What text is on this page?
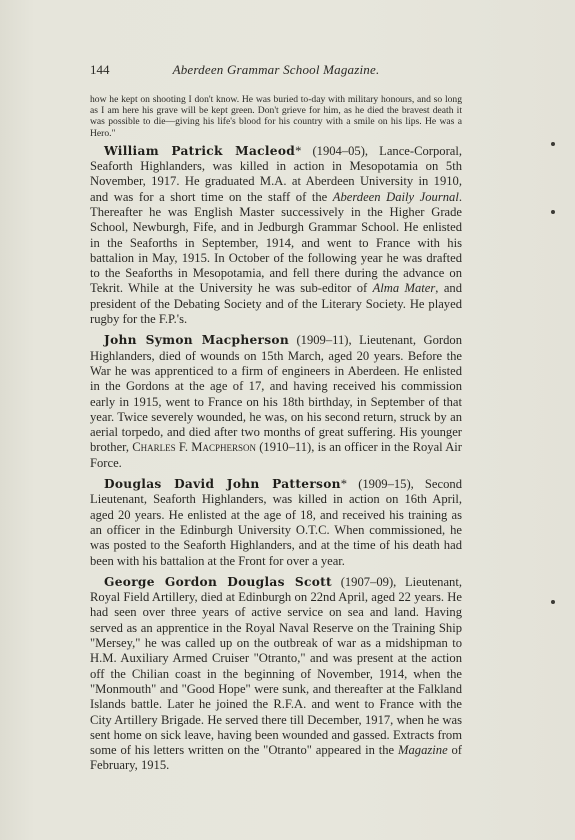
144	Aberdeen Grammar School Magazine.

how he kept on shooting I don't know. He was buried to-day with military honours, and so long as I am here his grave will be kept green. Don't grieve for him, as he died the bravest death it was possible to die—giving his life's blood for his country with a smile on his lips. He was a Hero."

William Patrick Macleod* (1904–05), Lance-Corporal, Seaforth Highlanders, was killed in action in Mesopotamia on 5th November, 1917. He graduated M.A. at Aberdeen University in 1910, and was for a short time on the staff of the Aberdeen Daily Journal. Thereafter he was English Master successively in the Higher Grade School, Newburgh, Fife, and in Jedburgh Grammar School. He enlisted in the Seaforths in September, 1914, and went to France with his battalion in May, 1915. In October of the following year he was drafted to the Seaforths in Mesopotamia, and fell there during the advance on Tekrit. While at the University he was sub-editor of Alma Mater, and president of the Debating Society and of the Literary Society. He played rugby for the F.P.'s.

John Symon Macpherson (1909–11), Lieutenant, Gordon Highlanders, died of wounds on 15th March, aged 20 years. Before the War he was apprenticed to a firm of engineers in Aberdeen. He enlisted in the Gordons at the age of 17, and having received his commission early in 1915, went to France on his 18th birthday, in September of that year. Twice severely wounded, he was, on his second return, struck by an aerial torpedo, and died after two months of great suffering. His younger brother, Charles F. Macpherson (1910–11), is an officer in the Royal Air Force.

Douglas David John Patterson* (1909–15), Second Lieutenant, Seaforth Highlanders, was killed in action on 16th April, aged 20 years. He enlisted at the age of 18, and received his training as an officer in the Edinburgh University O.T.C. When commissioned, he was posted to the Seaforth Highlanders, and at the time of his death had been with his battalion at the Front for over a year.

George Gordon Douglas Scott (1907–09), Lieutenant, Royal Field Artillery, died at Edinburgh on 22nd April, aged 22 years. He had seen over three years of active service on sea and land. Having served as an apprentice in the Royal Naval Reserve on the Training Ship "Mersey," he was called up on the outbreak of war as a midshipman to H.M. Auxiliary Armed Cruiser "Otranto," and was present at the action off the Chilian coast in the beginning of November, 1914, when the "Monmouth" and "Good Hope" were sunk, and thereafter at the Falkland Islands battle. Later he joined the R.F.A. and went to France with the City Artillery Brigade. He served there till December, 1917, when he was sent home on sick leave, having been wounded and gassed. Extracts from some of his letters written on the "Otranto" appeared in the Magazine of February, 1915.
